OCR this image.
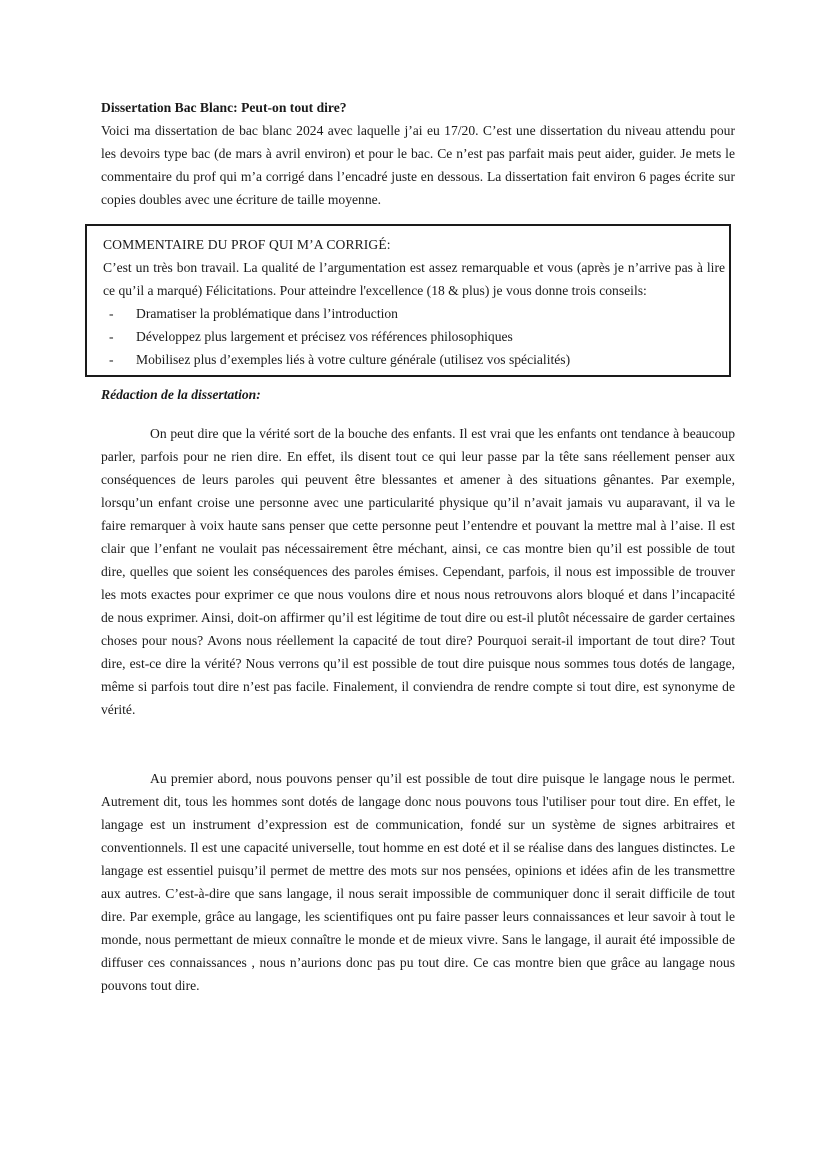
Dissertation Bac Blanc: Peut-on tout dire?

Voici ma dissertation de bac blanc 2024 avec laquelle j’ai eu 17/20. C’est une dissertation du niveau attendu pour les devoirs type bac (de mars à avril environ) et pour le bac. Ce n’est pas parfait mais peut aider, guider. Je mets le commentaire du prof qui m’a corrigé dans l’encadré juste en dessous. La dissertation fait environ 6 pages écrite sur copies doubles avec une écriture de taille moyenne.

COMMENTAIRE DU PROF QUI M’A CORRIGÉ:

C’est un très bon travail. La qualité de l’argumentation est assez remarquable et vous (après je n’arrive pas à lire ce qu’il a marqué) Félicitations. Pour atteindre l'excellence (18 & plus) je vous donne trois conseils:

- Dramatiser la problématique dans l’introduction
- Développez plus largement et précisez vos références philosophiques
- Mobilisez plus d’exemples liés à votre culture générale (utilisez vos spécialités)

Rédaction de la dissertation:

On peut dire que la vérité sort de la bouche des enfants. Il est vrai que les enfants ont tendance à beaucoup parler, parfois pour ne rien dire. En effet, ils disent tout ce qui leur passe par la tête sans réellement penser aux conséquences de leurs paroles qui peuvent être blessantes et amener à des situations gênantes. Par exemple, lorsqu’un enfant croise une personne avec une particularité physique qu’il n’avait jamais vu auparavant, il va le faire remarquer à voix haute sans penser que cette personne peut l’entendre et pouvant la mettre mal à l’aise. Il est clair que l’enfant ne voulait pas nécessairement être méchant, ainsi, ce cas montre bien qu’il est possible de tout dire, quelles que soient les conséquences des paroles émises. Cependant, parfois, il nous est impossible de trouver les mots exactes pour exprimer ce que nous voulons dire et nous nous retrouvons alors bloqué et dans l’incapacité de nous exprimer. Ainsi, doit-on affirmer qu’il est légitime de tout dire ou est-il plutôt nécessaire de garder certaines choses pour nous? Avons nous réellement la capacité de tout dire? Pourquoi serait-il important de tout dire? Tout dire, est-ce dire la vérité? Nous verrons qu’il est possible de tout dire puisque nous sommes tous dotés de langage, même si parfois tout dire n’est pas facile. Finalement, il conviendra de rendre compte si tout dire, est synonyme de vérité.

Au premier abord, nous pouvons penser qu’il est possible de tout dire puisque le langage nous le permet. Autrement dit, tous les hommes sont dotés de langage donc nous pouvons tous l'utiliser pour tout dire. En effet, le langage est un instrument d’expression est de communication, fondé sur un système de signes arbitraires et conventionnels. Il est une capacité universelle, tout homme en est doté et il se réalise dans des langues distinctes. Le langage est essentiel puisqu’il permet de mettre des mots sur nos pensées, opinions et idées afin de les transmettre aux autres. C’est-à-dire que sans langage, il nous serait impossible de communiquer donc il serait difficile de tout dire. Par exemple, grâce au langage, les scientifiques ont pu faire passer leurs connaissances et leur savoir à tout le monde, nous permettant de mieux connaître le monde et de mieux vivre. Sans le langage, il aurait été impossible de diffuser ces connaissances , nous n’aurions donc pas pu tout dire. Ce cas montre bien que grâce au langage nous pouvons tout dire.
